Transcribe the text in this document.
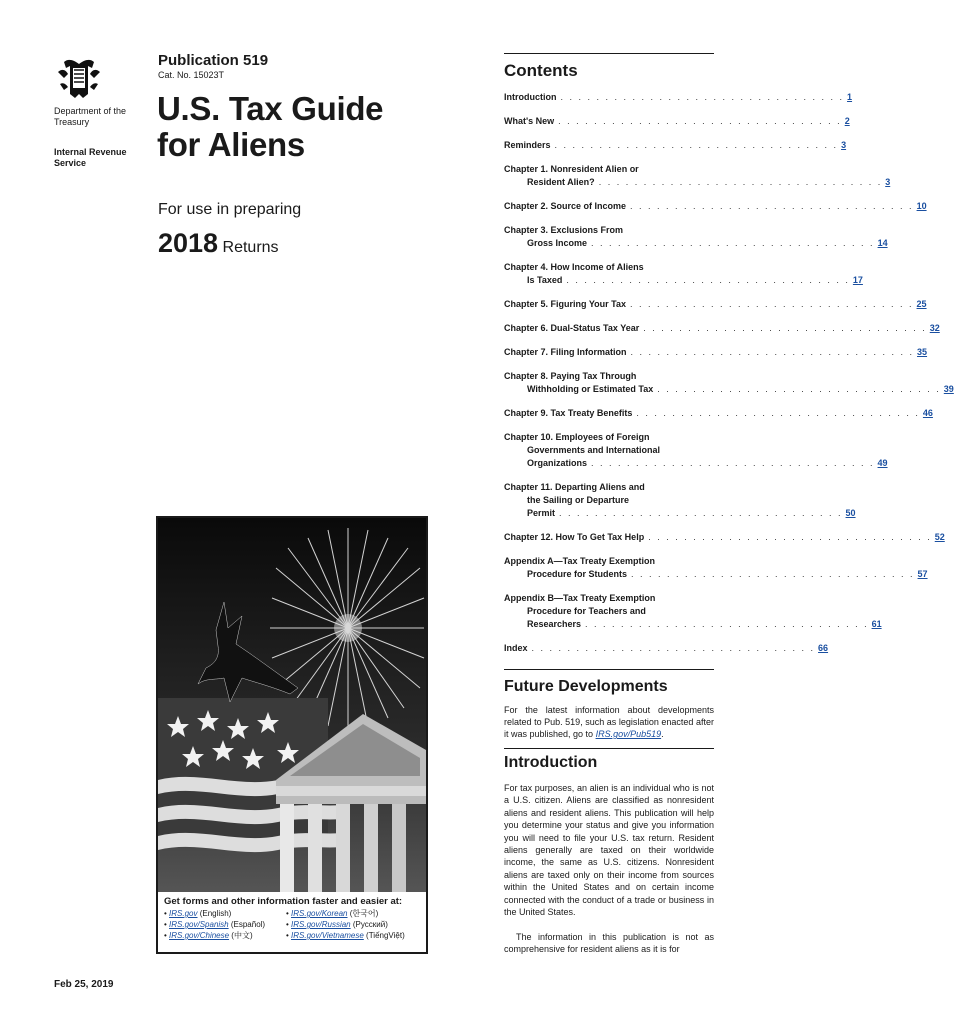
Department of the Treasury
Internal Revenue Service
Publication 519
Cat. No. 15023T
U.S. Tax Guide
for Aliens
For use in preparing
2018 Returns
Get forms and other information faster and easier at:
• IRS.gov (English)	• IRS.gov/Korean (한국어)
• IRS.gov/Spanish (Español)	• IRS.gov/Russian (Pусский)
• IRS.gov/Chinese (中文)	• IRS.gov/Vietnamese (TiếngViệt)
Feb 25, 2019
Contents
Introduction . . . . . . . . . . . . . . . . . . . . . . . . . . . . . . . . 1
What's New . . . . . . . . . . . . . . . . . . . . . . . . . . . . . . . . 2
Reminders . . . . . . . . . . . . . . . . . . . . . . . . . . . . . . . . 3
Chapter 1. Nonresident Alien or
Resident Alien? . . . . . . . . . . . . . . . . . . . . . . . . . . . . . . . . 3
Chapter 2. Source of Income . . . . . . . . . . . . . . . . . . . . . . . . . . . . . . . . 10
Chapter 3. Exclusions From
Gross Income . . . . . . . . . . . . . . . . . . . . . . . . . . . . . . . . 14
Chapter 4. How Income of Aliens
Is Taxed . . . . . . . . . . . . . . . . . . . . . . . . . . . . . . . . 17
Chapter 5. Figuring Your Tax . . . . . . . . . . . . . . . . . . . . . . . . . . . . . . . . 25
Chapter 6. Dual-Status Tax Year . . . . . . . . . . . . . . . . . . . . . . . . . . . . . . . . 32
Chapter 7. Filing Information . . . . . . . . . . . . . . . . . . . . . . . . . . . . . . . . 35
Chapter 8. Paying Tax Through
Withholding or Estimated Tax . . . . . . . . . . . . . . . . . . . . . . . . . . . . . . . . 39
Chapter 9. Tax Treaty Benefits . . . . . . . . . . . . . . . . . . . . . . . . . . . . . . . . 46
Chapter 10. Employees of Foreign
Governments and International
Organizations . . . . . . . . . . . . . . . . . . . . . . . . . . . . . . . . 49
Chapter 11. Departing Aliens and
the Sailing or Departure
Permit . . . . . . . . . . . . . . . . . . . . . . . . . . . . . . . . 50
Chapter 12. How To Get Tax Help . . . . . . . . . . . . . . . . . . . . . . . . . . . . . . . . 52
Appendix A—Tax Treaty Exemption
Procedure for Students . . . . . . . . . . . . . . . . . . . . . . . . . . . . . . . . 57
Appendix B—Tax Treaty Exemption
Procedure for Teachers and
Researchers . . . . . . . . . . . . . . . . . . . . . . . . . . . . . . . . 61
Index . . . . . . . . . . . . . . . . . . . . . . . . . . . . . . . . 66
Future Developments
For the latest information about developments related to Pub. 519, such as legislation enacted after it was published, go to IRS.gov/Pub519.
Introduction
For tax purposes, an alien is an individual who is not a U.S. citizen. Aliens are classified as nonresident aliens and resident aliens. This publication will help you determine your status and give you information you will need to file your U.S. tax return. Resident aliens generally are taxed on their worldwide income, the same as U.S. citizens. Nonresident aliens are taxed only on their income from sources within the United States and on certain income connected with the conduct of a trade or business in the United States.
The information in this publication is not as comprehensive for resident aliens as it is for
